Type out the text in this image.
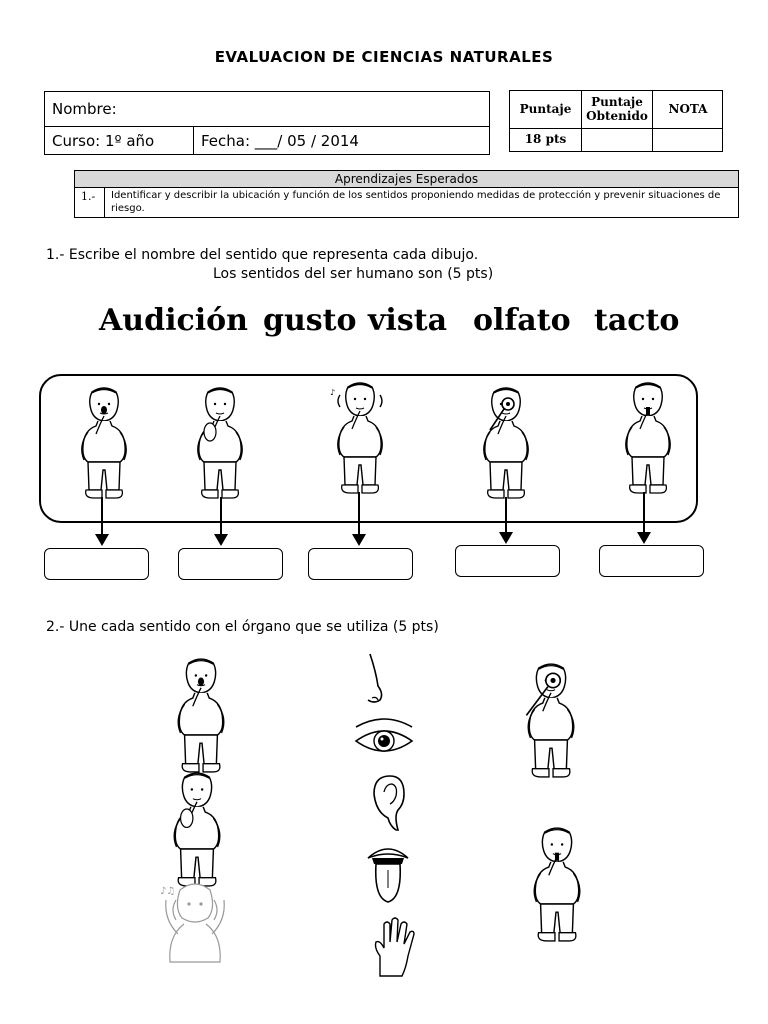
EVALUACION DE CIENCIAS NATURALES
Nombre:
Curso: 1º año	Fecha: ___/ 05 / 2014
Puntaje	Puntaje Obtenido	NOTA
18 pts
Aprendizajes Esperados
1.-	Identificar y describir la ubicación y función de los sentidos proponiendo medidas de protección y prevenir situaciones de riesgo.
1.- Escribe el nombre del sentido que representa cada dibujo.
Los sentidos del ser humano son (5 pts)
Audición gusto vista olfato tacto
♪
2.- Une cada sentido con el órgano que se utiliza (5 pts)
♪♫
